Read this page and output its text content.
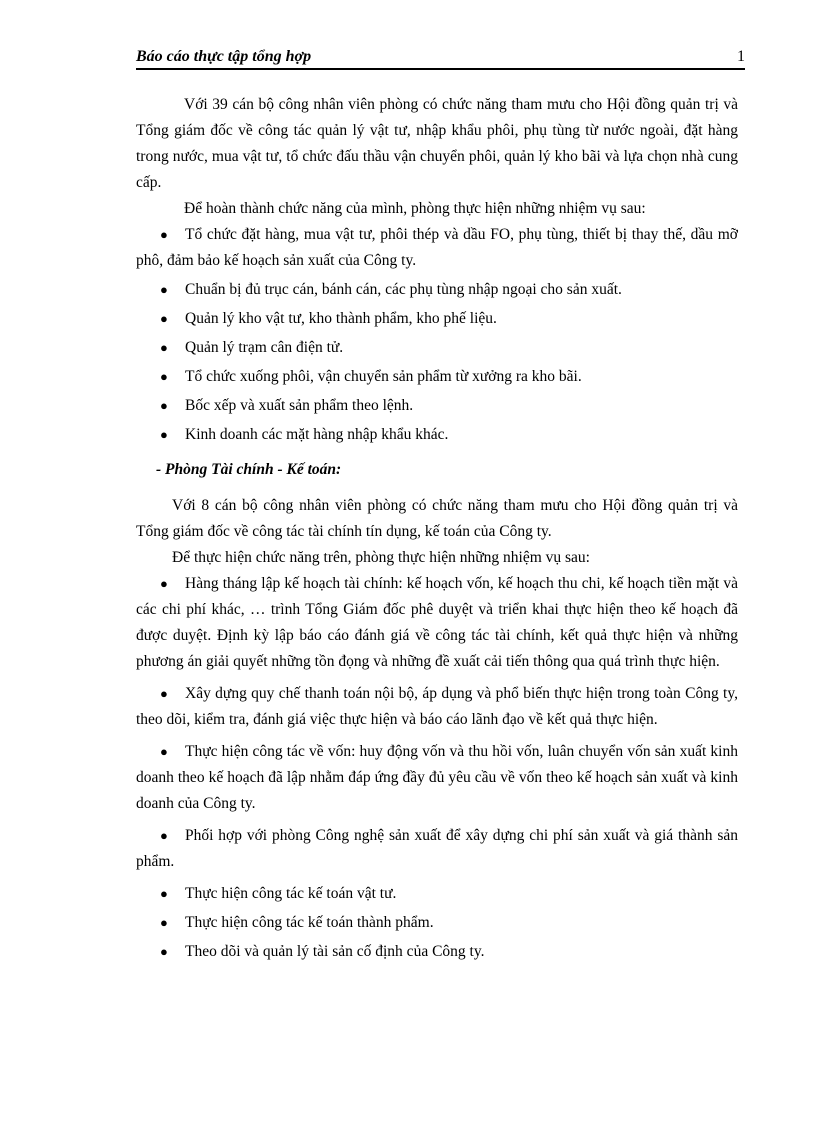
Báo cáo thực tập tổng hợp	1

Với 39 cán bộ công nhân viên phòng có chức năng tham mưu cho Hội đồng quản trị và Tổng giám đốc về công tác quản lý vật tư, nhập khẩu phôi, phụ tùng từ nước ngoài, đặt hàng trong nước, mua vật tư, tổ chức đấu thầu vận chuyển phôi, quản lý kho bãi và lựa chọn nhà cung cấp.

Để hoàn thành chức năng của mình, phòng thực hiện những nhiệm vụ sau:

● Tổ chức đặt hàng, mua vật tư, phôi thép và dầu FO, phụ tùng, thiết bị thay thế, dầu mỡ phô, đảm bảo kế hoạch sản xuất của Công ty.

● Chuẩn bị đủ trục cán, bánh cán, các phụ tùng nhập ngoại cho sản xuất.

● Quản lý kho vật tư, kho thành phẩm, kho phế liệu.

● Quản lý trạm cân điện tử.

● Tổ chức xuống phôi, vận chuyển sản phẩm từ xưởng ra kho bãi.

● Bốc xếp và xuất sản phẩm theo lệnh.

● Kinh doanh các mặt hàng nhập khẩu khác.

- Phòng Tài chính - Kế toán:

Với 8 cán bộ công nhân viên phòng có chức năng tham mưu cho Hội đồng quản trị và Tổng giám đốc về công tác tài chính tín dụng, kế toán của Công ty.

Để thực hiện chức năng trên, phòng thực hiện những nhiệm vụ sau:

● Hàng tháng lập kế hoạch tài chính: kế hoạch vốn, kế hoạch thu chi, kế hoạch tiền mặt và các chi phí khác, … trình Tổng Giám đốc phê duyệt và triển khai thực hiện theo kế hoạch đã được duyệt. Định kỳ lập báo cáo đánh giá về công tác tài chính, kết quả thực hiện và những phương án giải quyết những tồn đọng và những đề xuất cải tiến thông qua quá trình thực hiện.

● Xây dựng quy chế thanh toán nội bộ, áp dụng và phổ biến thực hiện trong toàn Công ty, theo dõi, kiểm tra, đánh giá việc thực hiện và báo cáo lãnh đạo về kết quả thực hiện.

● Thực hiện công tác về vốn: huy động vốn và thu hồi vốn, luân chuyển vốn sản xuất kinh doanh theo kế hoạch đã lập nhằm đáp ứng đầy đủ yêu cầu về vốn theo kế hoạch sản xuất và kinh doanh của Công ty.

● Phối hợp với phòng Công nghệ sản xuất để xây dựng chi phí sản xuất và giá thành sản phẩm.

● Thực hiện công tác kế toán vật tư.

● Thực hiện công tác kế toán thành phẩm.

● Theo dõi và quản lý tài sản cố định của Công ty.
